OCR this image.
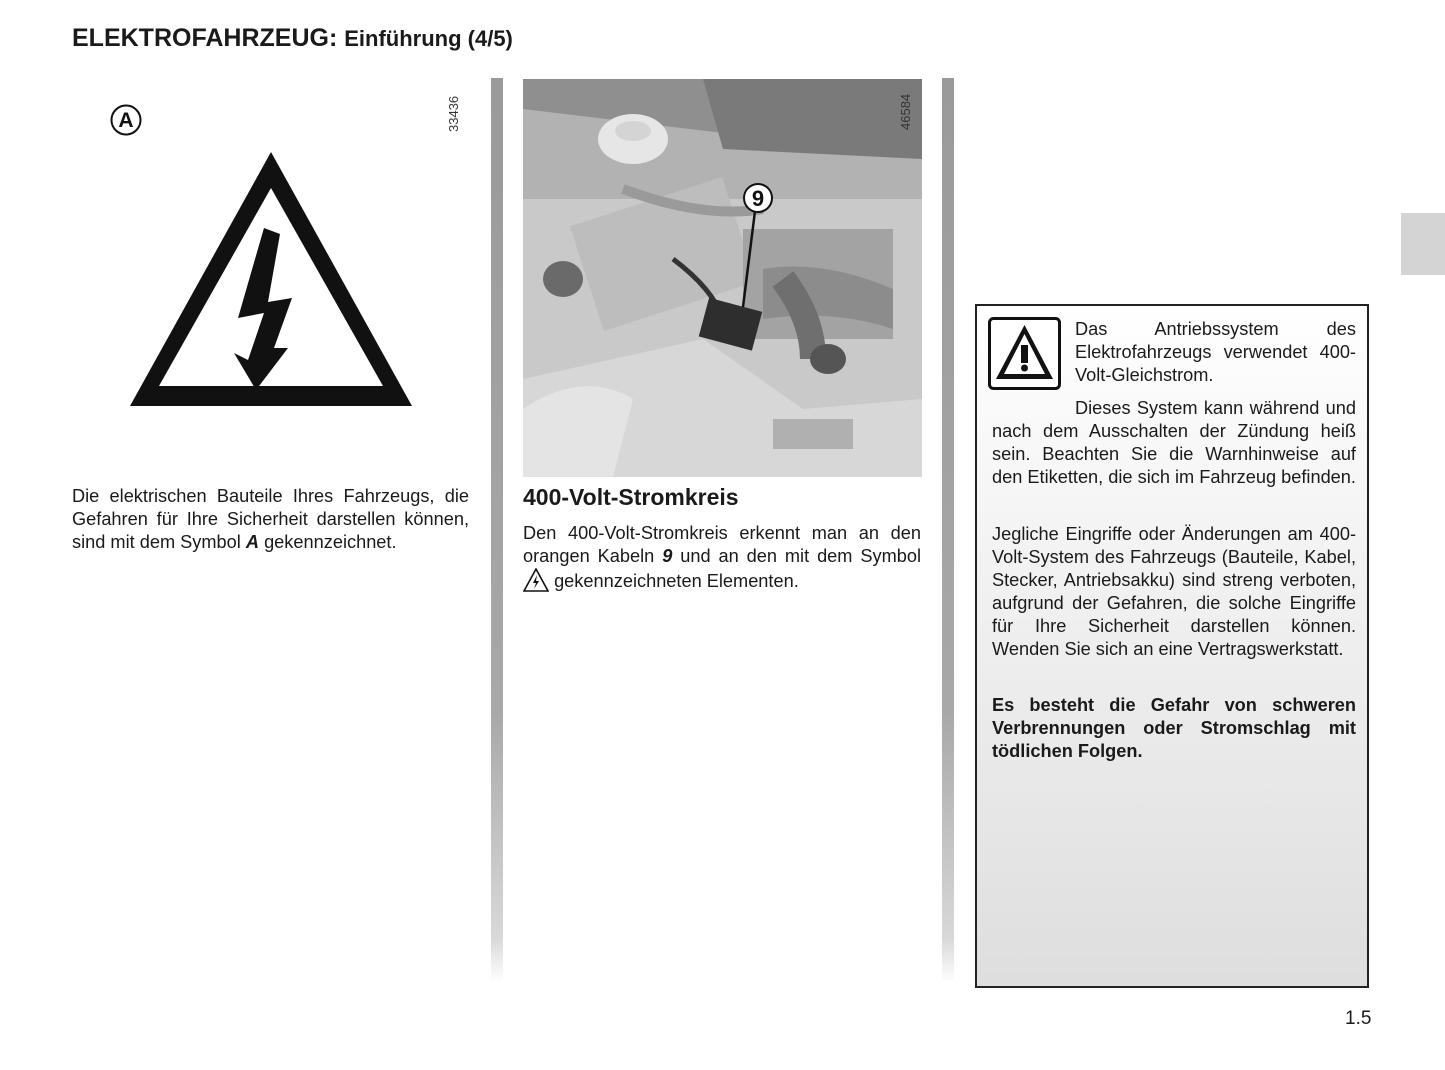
ELEKTROFAHRZEUG: Einführung (4/5)
33436
A

Die elektrischen Bauteile Ihres Fahrzeugs, die Gefahren für Ihre Sicherheit darstellen können, sind mit dem Symbol A gekennzeichnet.

9
46584
400-Volt-Stromkreis

Den 400-Volt-Stromkreis erkennt man an den orangen Kabeln 9 und an den mit dem Symbol  gekennzeichneten Elementen.

Das Antriebssystem des Elektrofahrzeugs verwendet 400-Volt-Gleichstrom.

Dieses System kann während und nach dem Ausschalten der Zündung heiß sein. Beachten Sie die Warnhinweise auf den Etiketten, die sich im Fahrzeug befinden.

Jegliche Eingriffe oder Änderungen am 400-Volt-System des Fahrzeugs (Bauteile, Kabel, Stecker, Antriebsakku) sind streng verboten, aufgrund der Gefahren, die solche Eingriffe für Ihre Sicherheit darstellen können. Wenden Sie sich an eine Vertragswerkstatt.

Es besteht die Gefahr von schweren Verbrennungen oder Stromschlag mit tödlichen Folgen.

1.5
